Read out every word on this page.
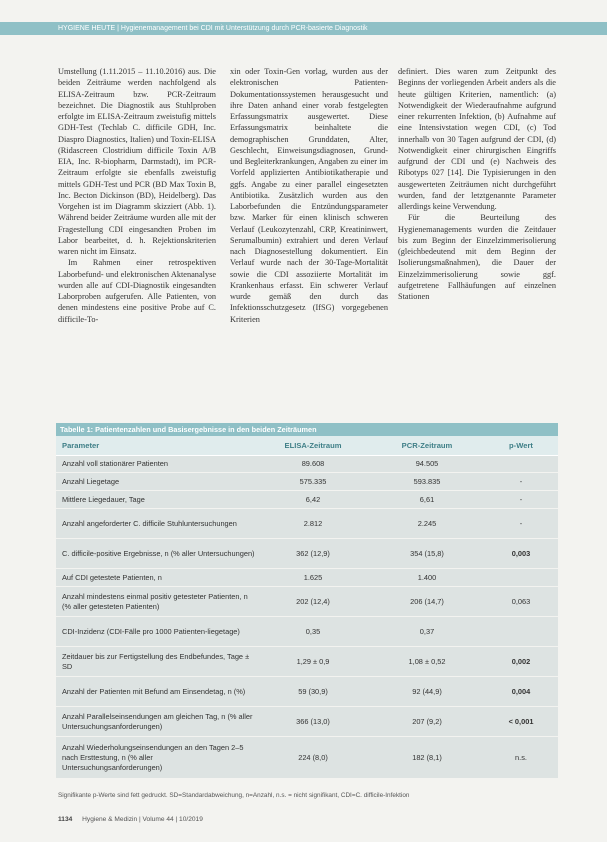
HYGIENE HEUTE | Hygienemanagement bei CDI mit Unterstützung durch PCR-basierte Diagnostik

Umstellung (1.11.2015 – 11.10.2016) aus. Die beiden Zeiträume werden nachfolgend als ELISA-Zeitraum bzw. PCR-Zeitraum bezeichnet. Die Diagnostik aus Stuhlproben erfolgte im ELISA-Zeitraum zweistufig mittels GDH-Test (Techlab C. difficile GDH, Inc. Diaspro Diagnostics, Italien) und Toxin-ELISA (Ridascreen Clostridium difficile Toxin A/B EIA, Inc. R-biopharm, Darmstadt), im PCR-Zeitraum erfolgte sie ebenfalls zweistufig mittels GDH-Test und PCR (BD Max Toxin B, Inc. Becton Dickinson (BD), Heidelberg). Das Vorgehen ist im Diagramm skizziert (Abb. 1). Während beider Zeiträume wurden alle mit der Fragestellung CDI eingesandten Proben im Labor bearbeitet, d. h. Rejektionskriterien waren nicht im Einsatz.

Im Rahmen einer retrospektiven Laborbefund- und elektronischen Aktenanalyse wurden alle auf CDI-Diagnostik eingesandten Laborproben aufgerufen. Alle Patienten, von denen mindestens eine positive Probe auf C. difficile-To-

xin oder Toxin-Gen vorlag, wurden aus der elektronischen Patienten-Dokumentationssystemen herausgesucht und ihre Daten anhand einer vorab festgelegten Erfassungsmatrix ausgewertet. Diese Erfassungsmatrix beinhaltete die demographischen Grunddaten, Alter, Geschlecht, Einweisungsdiagnosen, Grund- und Begleiterkrankungen, Angaben zu einer im Vorfeld applizierten Antibiotikatherapie und ggfs. Angabe zu einer parallel eingesetzten Antibiotika. Zusätzlich wurden aus den Laborbefunden die Entzündungsparameter bzw. Marker für einen klinisch schweren Verlauf (Leukozytenzahl, CRP, Kreatininwert, Serumalbumin) extrahiert und deren Verlauf nach Diagnosestellung dokumentiert. Ein Verlauf wurde nach der 30-Tage-Mortalität sowie die CDI assoziierte Mortalität im Krankenhaus erfasst. Ein schwerer Verlauf wurde gemäß den durch das Infektionsschutzgesetz (IfSG) vorgegebenen Kriterien

definiert. Dies waren zum Zeitpunkt des Beginns der vorliegenden Arbeit anders als die heute gültigen Kriterien, namentlich: (a) Notwendigkeit der Wiederaufnahme aufgrund einer rekurrenten Infektion, (b) Aufnahme auf eine Intensivstation wegen CDI, (c) Tod innerhalb von 30 Tagen aufgrund der CDI, (d) Notwendigkeit einer chirurgischen Eingriffs aufgrund der CDI und (e) Nachweis des Ribotyps 027 [14]. Die Typisierungen in den ausgewerteten Zeiträumen nicht durchgeführt wurden, fand der letztgenannte Parameter allerdings keine Verwendung.

Für die Beurteilung des Hygienemanagements wurden die Zeitdauer bis zum Beginn der Einzelzimmerisolierung (gleichbedeutend mit dem Beginn der Isolierungsmaßnahmen), die Dauer der Einzelzimmerisolierung sowie ggf. aufgetretene Fallhäufungen auf einzelnen Stationen

Tabelle 1: Patientenzahlen und Basisergebnisse in den beiden Zeiträumen
Parameter	ELISA-Zeitraum	PCR-Zeitraum	p-Wert
Anzahl voll stationärer Patienten	89.608	94.505	
Anzahl Liegetage	575.335	593.835	-
Mittlere Liegedauer, Tage	6,42	6,61	-
Anzahl angeforderter C. difficile Stuhluntersuchungen	2.812	2.245	-
C. difficile-positive Ergebnisse, n (% aller Untersuchungen)	362 (12,9)	354 (15,8)	0,003
Auf CDI getestete Patienten, n	1.625	1.400	
Anzahl mindestens einmal positiv getesteter Patienten, n (% aller getesteten Patienten)	202 (12,4)	206 (14,7)	0,063
CDI-Inzidenz (CDI-Fälle pro 1000 Patienten-liegetage)	0,35	0,37	
Zeitdauer bis zur Fertigstellung des Endbefundes, Tage ± SD	1,29 ± 0,9	1,08 ± 0,52	0,002
Anzahl der Patienten mit Befund am Einsendetag, n (%)	59 (30,9)	92 (44,9)	0,004
Anzahl Parallelseinsendungen am gleichen Tag, n (% aller Untersuchungsanforderungen)	366 (13,0)	207 (9,2)	< 0,001
Anzahl Wiederholungseinsendungen an den Tagen 2–5 nach Ersttestung, n (% aller Untersuchungsanforderungen)	224 (8,0)	182 (8,1)	n.s.
Signifikante p-Werte sind fett gedruckt. SD=Standardabweichung, n=Anzahl, n.s. = nicht signifikant, CDI=C. difficile-Infektion
1134 Hygiene & Medizin | Volume 44 | 10/2019
